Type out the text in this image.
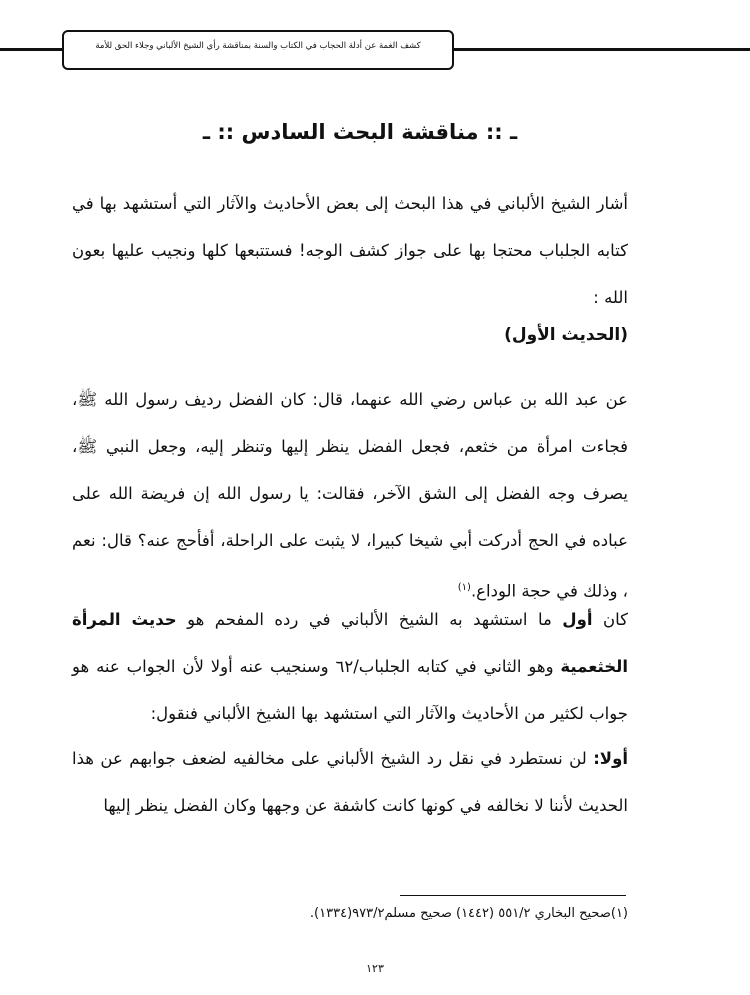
كشف الغمة عن أدلة الحجاب في الكتاب والسنة بمناقشة رأي الشيخ الألباني وجلاء الحق للأمة
ـ :: مناقشة البحث السادس :: ـ
أشار الشيخ الألباني في هذا البحث إلى بعض الأحاديث والآثار التي أستشهد بها في كتابه الجلباب محتجا بها على جواز كشف الوجه! فستتبعها كلها ونجيب عليها بعون الله :
(الحديث الأول)
عن عبد الله بن عباس رضي الله عنهما، قال: كان الفضل رديف رسول الله ﷺ، فجاءت امرأة من خثعم، فجعل الفضل ينظر إليها وتنظر إليه، وجعل النبي ﷺ، يصرف وجه الفضل إلى الشق الآخر، فقالت: يا رسول الله إن فريضة الله على عباده في الحج أدركت أبي شيخا كبيرا، لا يثبت على الراحلة، أفأحج عنه؟ قال: نعم ، وذلك في حجة الوداع.$^{(١)}$
كان أول ما استشهد به الشيخ الألباني في رده المفحم هو حديث المرأة الخثعمية وهو الثاني في كتابه الجلباب/٦٢ وسنجيب عنه أولا لأن الجواب عنه هو جواب لكثير من الأحاديث والآثار التي استشهد بها الشيخ الألباني فنقول:
أولا: لن نستطرد في نقل رد الشيخ الألباني على مخالفيه لضعف جوابهم عن هذا الحديث لأننا لا نخالفه في كونها كانت كاشفة عن وجهها وكان الفضل ينظر إليها
(١)صحيح البخاري ٥٥١/٢ (١٤٤٢) صحيح مسلم٩٧٣/٢(١٣٣٤).
١٢٣
